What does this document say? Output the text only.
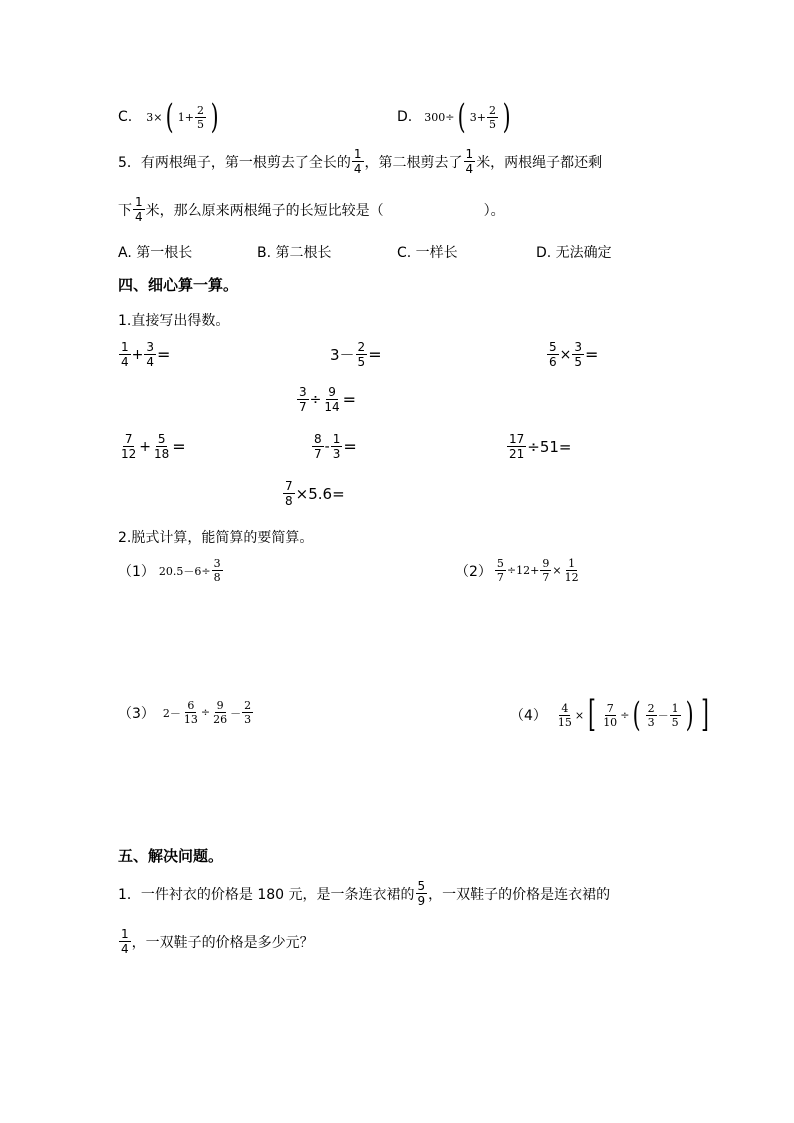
C. 3× ( $1+ \frac{2}{5}$ )	D. 300÷ ( $3+ \frac{2}{5}$ )
5．有两根绳子，第一根剪去了全长的 $\frac{1}{4}$ ，第二根剪去了 $\frac{1}{4}$ 米，两根绳子都还剩
下 $\frac{1}{4}$ 米，那么原来两根绳子的长短比较是（	）。
A. 第一根长	B. 第二根长	C. 一样长	D. 无法确定
四、细心算一算。
1.直接写出得数。
$\frac{1}{4} + \frac{3}{4}$ =	$3- \frac{2}{5}$ =	$\frac{5}{6} \times \frac{3}{5}$ =
$\frac{3}{7} \div \frac{9}{14}$ =
$\frac{7}{12} + \frac{5}{18}$ =	$\frac{8}{7} - \frac{1}{3}$ =	$\frac{17}{21} \div 51=$
$\frac{7}{8} \times 5.6=$
2.脱式计算，能简算的要简算。
（1） $20.5-6\div \frac{3}{8}$	$(2) \frac{5}{7} \div 12+ \frac{9}{7} \times \frac{1}{12}$
（3） $2- \frac{6}{13} \div \frac{9}{26} - \frac{2}{3}$	$(4) \frac{4}{15}$ × [ $\frac{7}{10}$ ÷ ( $\frac{2}{3} - \frac{1}{5}$ ) ]
五、解决问题。
1．一件衬衣的价格是 180 元，是一条连衣裙的 $\frac{5}{9}$ ，一双鞋子的价格是连衣裙的
$\frac{1}{4}$ ，一双鞋子的价格是多少元？
